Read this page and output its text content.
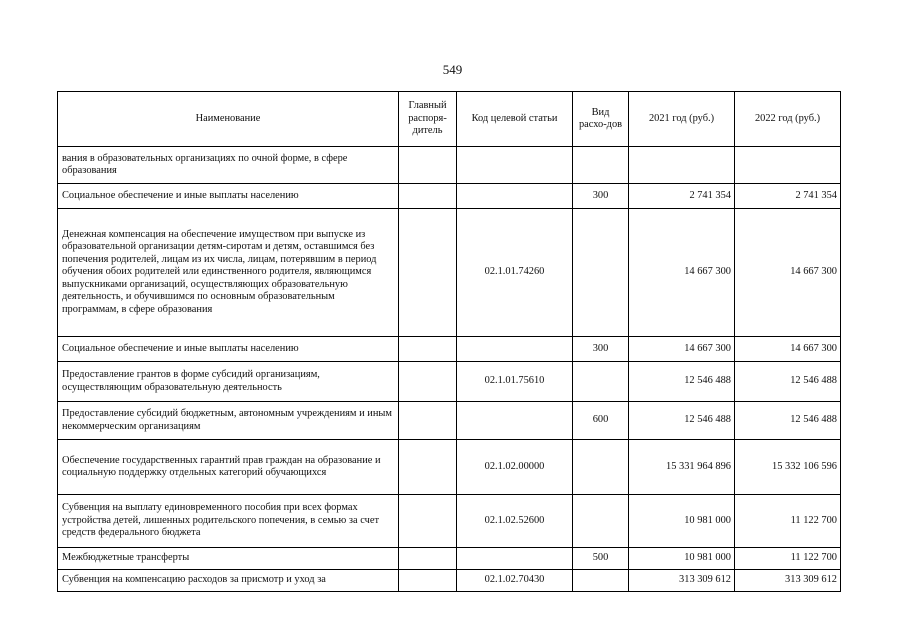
549
Наименование	Главный распоря-дитель	Код целевой статьи	Вид расхо-дов	2021 год (руб.)	2022 год (руб.)
вания в образовательных организациях по очной форме, в сфере образования					
Социальное обеспечение и иные выплаты населению			300	2 741 354	2 741 354
Денежная компенсация на обеспечение имуществом при выпуске из образовательной организации детям-сиротам и детям, оставшимся без попечения родителей, лицам из их числа, лицам, потерявшим в период обучения обоих родителей или единственного родителя, являющимся выпускниками организаций, осуществляющих образовательную деятельность, и обучившимся по основным образовательным программам, в сфере образования		02.1.01.74260		14 667 300	14 667 300
Социальное обеспечение и иные выплаты населению			300	14 667 300	14 667 300
Предоставление грантов в форме субсидий организациям, осуществляющим образовательную деятельность		02.1.01.75610		12 546 488	12 546 488
Предоставление субсидий бюджетным, автономным учреждениям и иным некоммерческим организациям			600	12 546 488	12 546 488
Обеспечение государственных гарантий прав граждан на образование и социальную поддержку отдельных категорий обучающихся		02.1.02.00000		15 331 964 896	15 332 106 596
Субвенция на выплату единовременного пособия при всех формах устройства детей, лишенных родительского попечения, в семью за счет средств федерального бюджета		02.1.02.52600		10 981 000	11 122 700
Межбюджетные трансферты			500	10 981 000	11 122 700
Субвенция на компенсацию расходов за присмотр и уход за		02.1.02.70430		313 309 612	313 309 612
